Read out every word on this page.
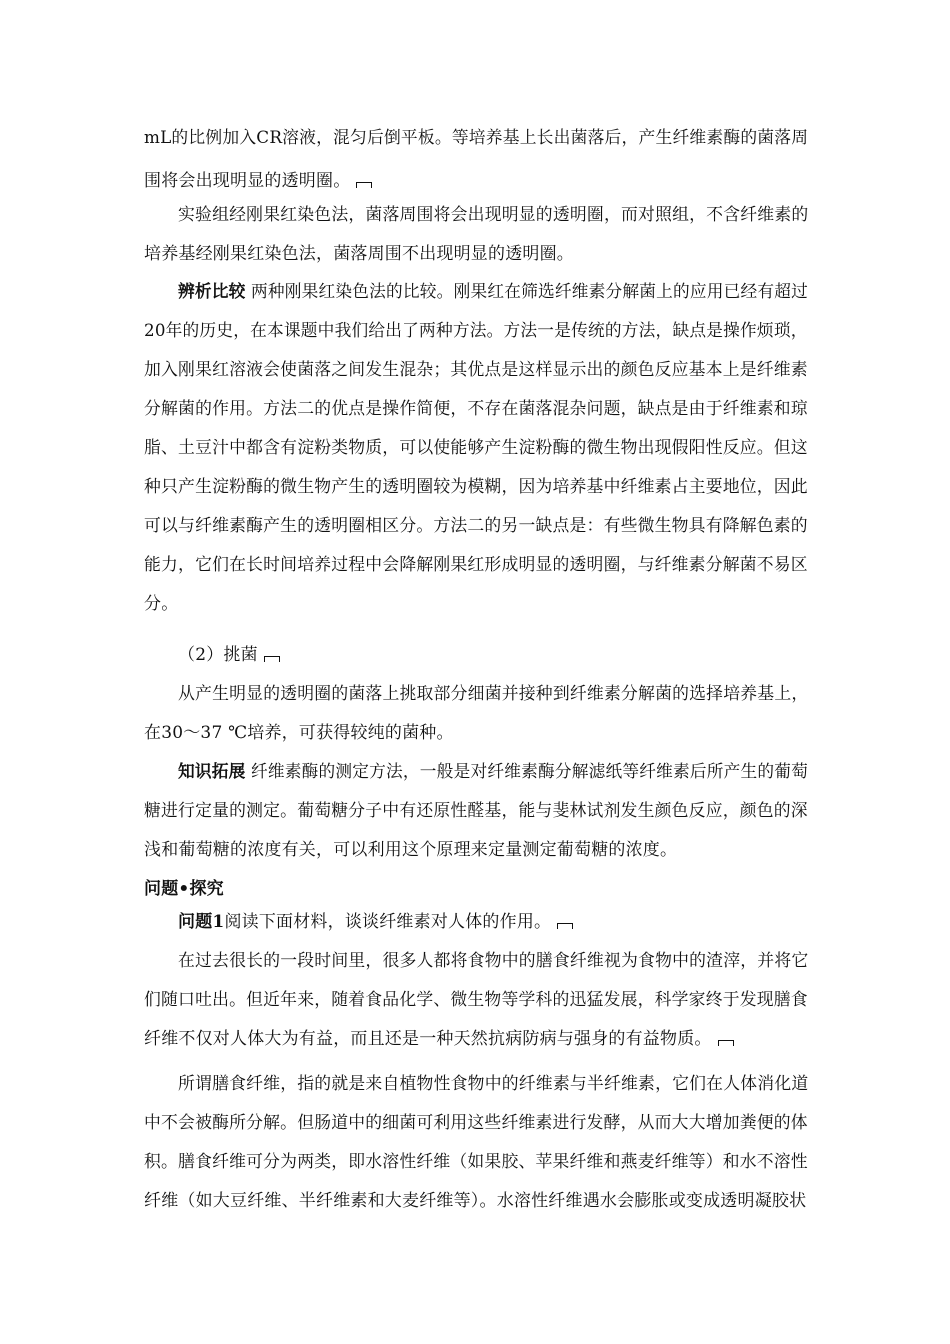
mL的比例加入CR溶液，混匀后倒平板。等培养基上长出菌落后，产生纤维素酶的菌落周
围将会出现明显的透明圈。
实验组经刚果红染色法，菌落周围将会出现明显的透明圈，而对照组，不含纤维素的
培养基经刚果红染色法，菌落周围不出现明显的透明圈。
辨析比较 两种刚果红染色法的比较。刚果红在筛选纤维素分解菌上的应用已经有超过
20年的历史，在本课题中我们给出了两种方法。方法一是传统的方法，缺点是操作烦琐，
加入刚果红溶液会使菌落之间发生混杂；其优点是这样显示出的颜色反应基本上是纤维素
分解菌的作用。方法二的优点是操作简便，不存在菌落混杂问题，缺点是由于纤维素和琼
脂、土豆汁中都含有淀粉类物质，可以使能够产生淀粉酶的微生物出现假阳性反应。但这
种只产生淀粉酶的微生物产生的透明圈较为模糊，因为培养基中纤维素占主要地位，因此
可以与纤维素酶产生的透明圈相区分。方法二的另一缺点是：有些微生物具有降解色素的
能力，它们在长时间培养过程中会降解刚果红形成明显的透明圈，与纤维素分解菌不易区
分。
（2）挑菌
从产生明显的透明圈的菌落上挑取部分细菌并接种到纤维素分解菌的选择培养基上，
在30～37 ℃培养，可获得较纯的菌种。
知识拓展 纤维素酶的测定方法，一般是对纤维素酶分解滤纸等纤维素后所产生的葡萄
糖进行定量的测定。葡萄糖分子中有还原性醛基，能与斐林试剂发生颜色反应，颜色的深
浅和葡萄糖的浓度有关，可以利用这个原理来定量测定葡萄糖的浓度。
问题•探究
问题1阅读下面材料，谈谈纤维素对人体的作用。
在过去很长的一段时间里，很多人都将食物中的膳食纤维视为食物中的渣滓，并将它
们随口吐出。但近年来，随着食品化学、微生物等学科的迅猛发展，科学家终于发现膳食
纤维不仅对人体大为有益，而且还是一种天然抗病防病与强身的有益物质。
所谓膳食纤维，指的就是来自植物性食物中的纤维素与半纤维素，它们在人体消化道
中不会被酶所分解。但肠道中的细菌可利用这些纤维素进行发酵，从而大大增加粪便的体
积。膳食纤维可分为两类，即水溶性纤维（如果胶、苹果纤维和燕麦纤维等）和水不溶性
纤维（如大豆纤维、半纤维素和大麦纤维等）。水溶性纤维遇水会膨胀或变成透明凝胶状
